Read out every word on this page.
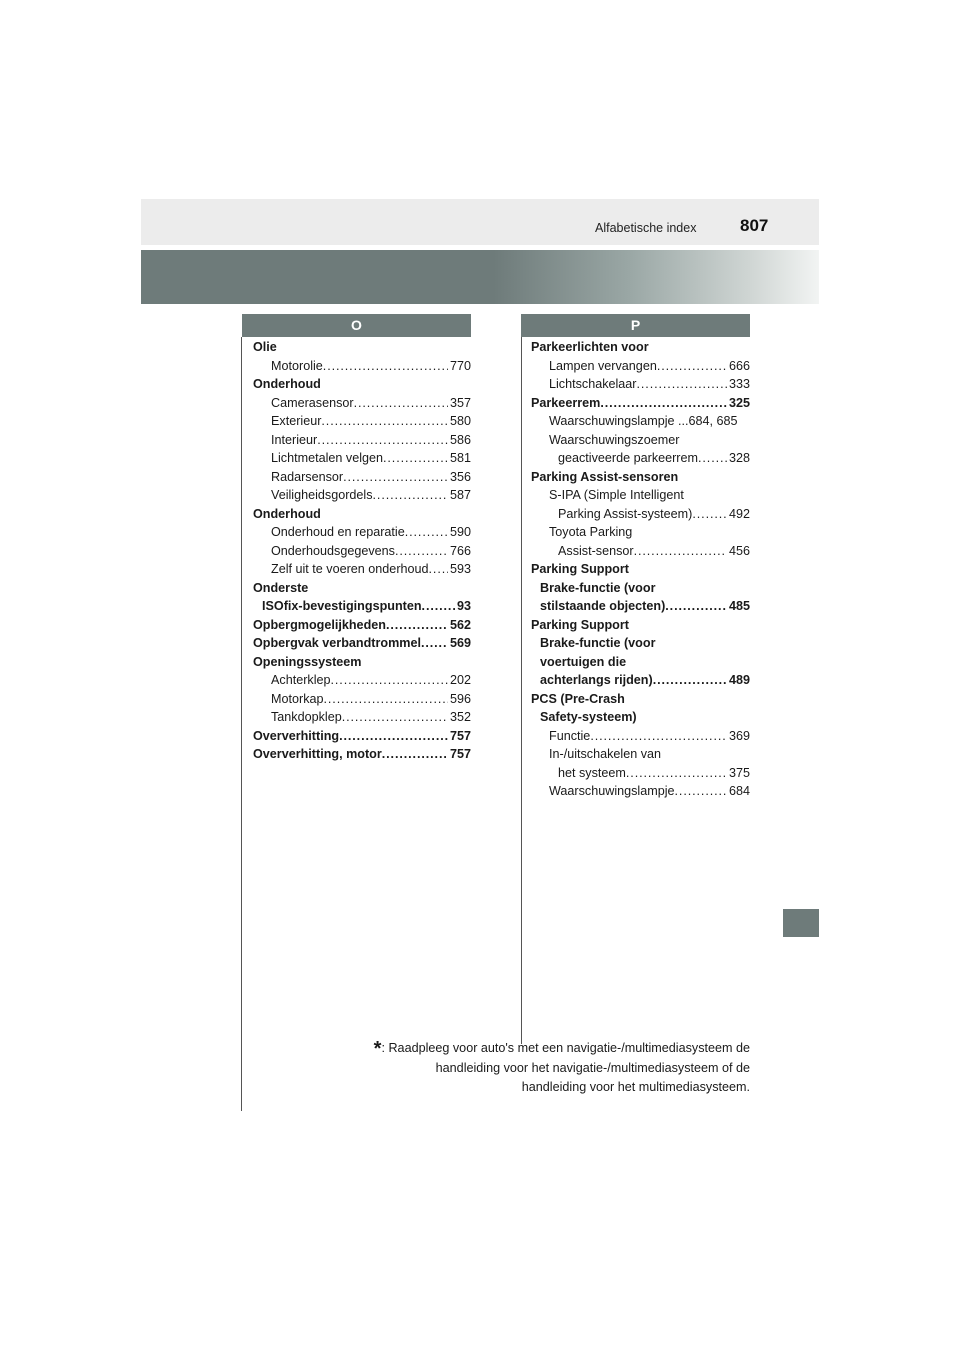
Alfabetische index	807
O	P
Olie
Motorolie . . .	770
Onderhoud
Camerasensor . . .	357
Exterieur . . .	580
Interieur . . .	586
Lichtmetalen velgen . . .	581
Radarsensor . . .	356
Veiligheidsgordels . . .	587
Onderhoud
Onderhoud en reparatie . . .	590
Onderhoudsgegevens . . .	766
Zelf uit te voeren onderhoud . . . 593
Onderste
ISOfix-bevestigingspunten . . .	93
Opbergmogelijkheden . . .	562
Opbergvak verbandtrommel . . . 569
Openingssysteem
Achterklep . . .	202
Motorkap . . .	596
Tankdopklep . . .	352
Oververhitting . . .	757
Oververhitting, motor . . .	757
Parkeerlichten voor
Lampen vervangen . . .	666
Lichtschakelaar . . .	333
Parkeerrem . . .	325
Waarschuwingslampje ...684, 685
Waarschuwingszoemer
geactiveerde parkeerrem . . . 328
Parking Assist-sensoren
S-IPA (Simple Intelligent
Parking Assist-systeem) . . .	492
Toyota Parking
Assist-sensor . . .	456
Parking Support
Brake-functie (voor
stilstaande objecten) . . .	485
Parking Support
Brake-functie (voor
voertuigen die
achterlangs rijden) . . .	489
PCS (Pre-Crash
Safety-systeem)
Functie . . .	369
In-/uitschakelen van
het systeem . . .	375
Waarschuwingslampje . . .	684
*: Raadpleeg voor auto's met een navigatie-/multimediasysteem de
handleiding voor het navigatie-/multimediasysteem of de
handleiding voor het multimediasysteem.
